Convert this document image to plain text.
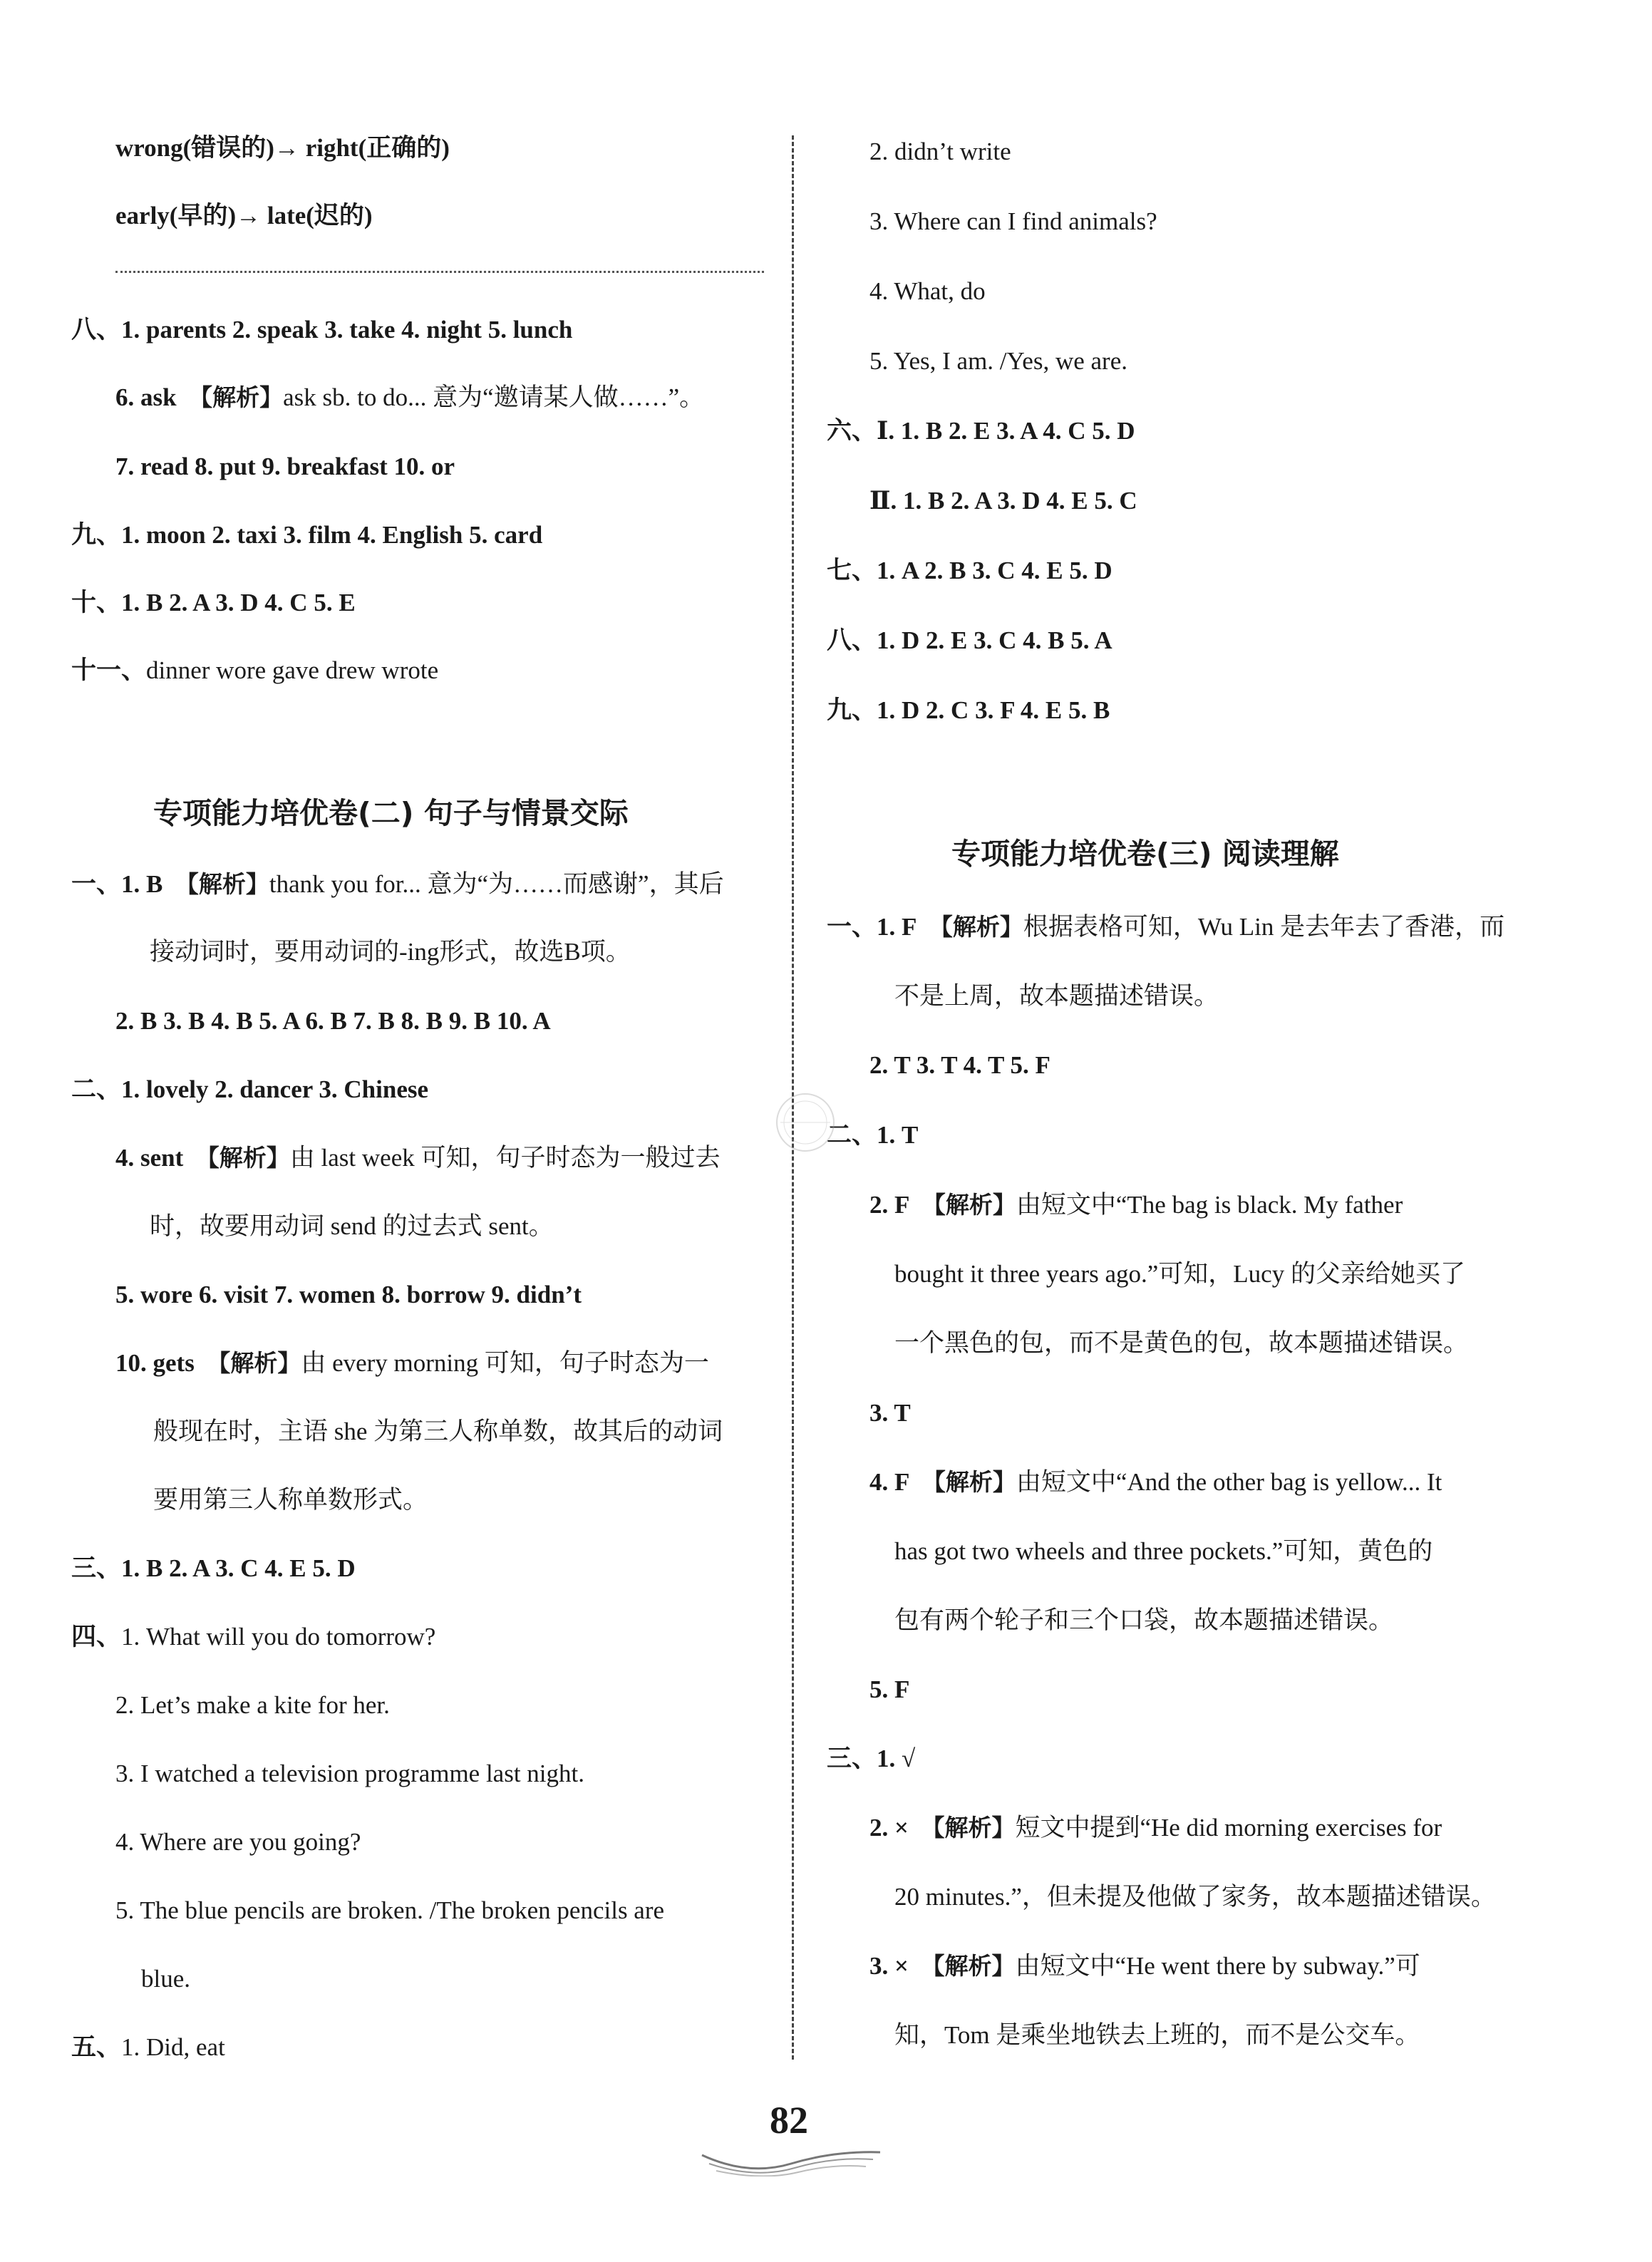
wrong(错误的)→ right(正确的)
early(早的)→ late(迟的)
八、1. parents 2. speak 3. take 4. night 5. lunch
6. ask 【解析】ask sb. to do... 意为“邀请某人做……”。
7. read 8. put 9. breakfast 10. or
九、1. moon 2. taxi 3. film 4. English 5. card
十、1. B 2. A 3. D 4. C 5. E
十一、dinner wore gave drew wrote
专项能力培优卷(二) 句子与情景交际
一、1. B 【解析】thank you for... 意为“为……而感谢”，其后
接动词时，要用动词的-ing形式，故选B项。
2. B 3. B 4. B 5. A 6. B 7. B 8. B 9. B 10. A
二、1. lovely 2. dancer 3. Chinese
4. sent 【解析】由 last week 可知，句子时态为一般过去
时，故要用动词 send 的过去式 sent。
5. wore 6. visit 7. women 8. borrow 9. didn’t
10. gets 【解析】由 every morning 可知，句子时态为一
般现在时，主语 she 为第三人称单数，故其后的动词
要用第三人称单数形式。
三、1. B 2. A 3. C 4. E 5. D
四、1. What will you do tomorrow?
2. Let’s make a kite for her.
3. I watched a television programme last night.
4. Where are you going?
5. The blue pencils are broken. /The broken pencils are
blue.
五、1. Did, eat
2. didn’t write
3. Where can I find animals?
4. What, do
5. Yes, I am. /Yes, we are.
六、Ⅰ. 1. B 2. E 3. A 4. C 5. D
Ⅱ. 1. B 2. A 3. D 4. E 5. C
七、1. A 2. B 3. C 4. E 5. D
八、1. D 2. E 3. C 4. B 5. A
九、1. D 2. C 3. F 4. E 5. B
专项能力培优卷(三) 阅读理解
一、1. F 【解析】根据表格可知，Wu Lin 是去年去了香港，而
不是上周，故本题描述错误。
2. T 3. T 4. T 5. F
二、1. T
2. F 【解析】由短文中“The bag is black. My father
bought it three years ago.”可知，Lucy 的父亲给她买了
一个黑色的包，而不是黄色的包，故本题描述错误。
3. T
4. F 【解析】由短文中“And the other bag is yellow... It
has got two wheels and three pockets.”可知，黄色的
包有两个轮子和三个口袋，故本题描述错误。
5. F
三、1. √
2. × 【解析】短文中提到“He did morning exercises for
20 minutes.”，但未提及他做了家务，故本题描述错误。
3. × 【解析】由短文中“He went there by subway.”可
知，Tom 是乘坐地铁去上班的，而不是公交车。
82
